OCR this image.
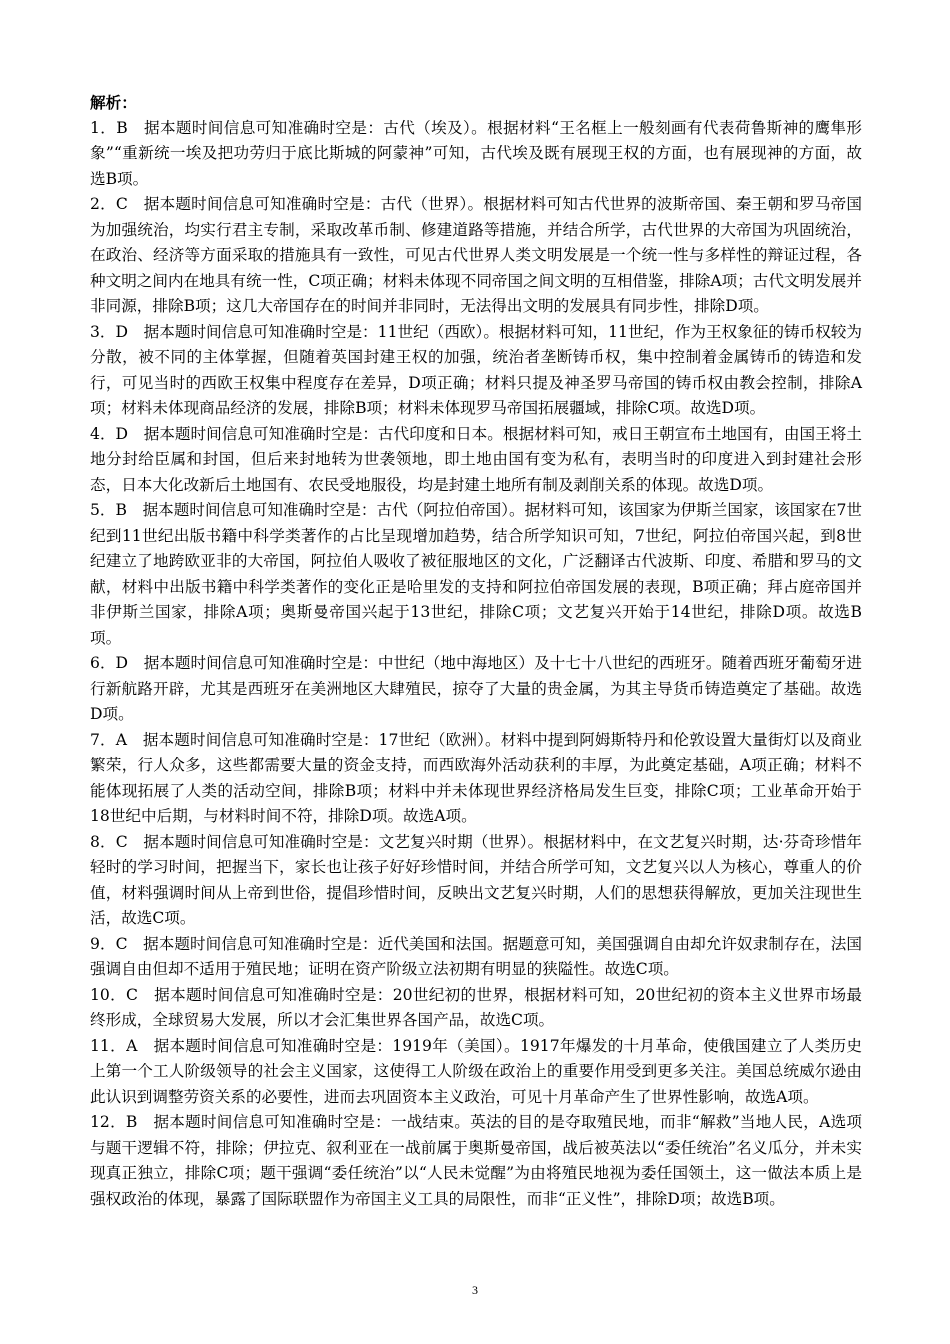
解析：

1．B　据本题时间信息可知准确时空是：古代（埃及）。根据材料“王名框上一般刻画有代表荷鲁斯神的鹰隼形象”“重新统一埃及把功劳归于底比斯城的阿蒙神”可知，古代埃及既有展现王权的方面，也有展现神的方面，故选B项。

2．C　据本题时间信息可知准确时空是：古代（世界）。根据材料可知古代世界的波斯帝国、秦王朝和罗马帝国为加强统治，均实行君主专制，采取改革币制、修建道路等措施，并结合所学，古代世界的大帝国为巩固统治，在政治、经济等方面采取的措施具有一致性，可见古代世界人类文明发展是一个统一性与多样性的辩证过程，各种文明之间内在地具有统一性，C项正确；材料未体现不同帝国之间文明的互相借鉴，排除A项；古代文明发展并非同源，排除B项；这几大帝国存在的时间并非同时，无法得出文明的发展具有同步性，排除D项。

3．D　据本题时间信息可知准确时空是：11世纪（西欧）。根据材料可知，11世纪，作为王权象征的铸币权较为分散，被不同的主体掌握，但随着英国封建王权的加强，统治者垄断铸币权，集中控制着金属铸币的铸造和发行，可见当时的西欧王权集中程度存在差异，D项正确；材料只提及神圣罗马帝国的铸币权由教会控制，排除A项；材料未体现商品经济的发展，排除B项；材料未体现罗马帝国拓展疆域，排除C项。故选D项。

4．D　据本题时间信息可知准确时空是：古代印度和日本。根据材料可知，戒日王朝宣布土地国有，由国王将土地分封给臣属和封国，但后来封地转为世袭领地，即土地由国有变为私有，表明当时的印度进入到封建社会形态，日本大化改新后土地国有、农民受地服役，均是封建土地所有制及剥削关系的体现。故选D项。

5．B　据本题时间信息可知准确时空是：古代（阿拉伯帝国）。据材料可知，该国家为伊斯兰国家，该国家在7世纪到11世纪出版书籍中科学类著作的占比呈现增加趋势，结合所学知识可知，7世纪，阿拉伯帝国兴起，到8世纪建立了地跨欧亚非的大帝国，阿拉伯人吸收了被征服地区的文化，广泛翻译古代波斯、印度、希腊和罗马的文献，材料中出版书籍中科学类著作的变化正是哈里发的支持和阿拉伯帝国发展的表现，B项正确；拜占庭帝国并非伊斯兰国家，排除A项；奥斯曼帝国兴起于13世纪，排除C项；文艺复兴开始于14世纪，排除D项。故选B项。

6．D　据本题时间信息可知准确时空是：中世纪（地中海地区）及十七十八世纪的西班牙。随着西班牙葡萄牙进行新航路开辟，尤其是西班牙在美洲地区大肆殖民，掠夺了大量的贵金属，为其主导货币铸造奠定了基础。故选D项。

7．A　据本题时间信息可知准确时空是：17世纪（欧洲）。材料中提到阿姆斯特丹和伦敦设置大量街灯以及商业繁荣，行人众多，这些都需要大量的资金支持，而西欧海外活动获利的丰厚，为此奠定基础，A项正确；材料不能体现拓展了人类的活动空间，排除B项；材料中并未体现世界经济格局发生巨变，排除C项；工业革命开始于18世纪中后期，与材料时间不符，排除D项。故选A项。

8．C　据本题时间信息可知准确时空是：文艺复兴时期（世界）。根据材料中，在文艺复兴时期，达·芬奇珍惜年轻时的学习时间，把握当下，家长也让孩子好好珍惜时间，并结合所学可知，文艺复兴以人为核心，尊重人的价值，材料强调时间从上帝到世俗，提倡珍惜时间，反映出文艺复兴时期，人们的思想获得解放，更加关注现世生活，故选C项。

9．C　据本题时间信息可知准确时空是：近代美国和法国。据题意可知，美国强调自由却允许奴隶制存在，法国强调自由但却不适用于殖民地；证明在资产阶级立法初期有明显的狭隘性。故选C项。

10．C　据本题时间信息可知准确时空是：20世纪初的世界，根据材料可知，20世纪初的资本主义世界市场最终形成，全球贸易大发展，所以才会汇集世界各国产品，故选C项。

11．A　据本题时间信息可知准确时空是：1919年（美国）。1917年爆发的十月革命，使俄国建立了人类历史上第一个工人阶级领导的社会主义国家，这使得工人阶级在政治上的重要作用受到更多关注。美国总统威尔逊由此认识到调整劳资关系的必要性，进而去巩固资本主义政治，可见十月革命产生了世界性影响，故选A项。

12．B　据本题时间信息可知准确时空是：一战结束。英法的目的是夺取殖民地，而非“解救”当地人民，A选项与题干逻辑不符，排除；伊拉克、叙利亚在一战前属于奥斯曼帝国，战后被英法以“委任统治”名义瓜分，并未实现真正独立，排除C项；题干强调“委任统治”以“人民未觉醒”为由将殖民地视为委任国领土，这一做法本质上是强权政治的体现，暴露了国际联盟作为帝国主义工具的局限性，而非“正义性”，排除D项；故选B项。

3
